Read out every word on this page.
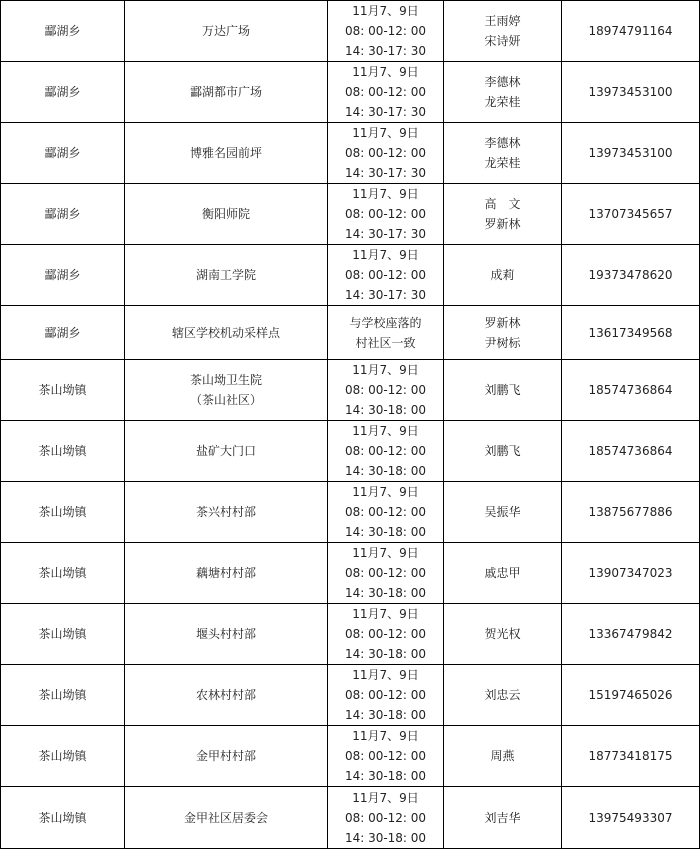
酃湖乡	万达广场	11月7、9日
08: 00-12: 00
14: 30-17: 30	王雨婷
宋诗妍	18974791164
酃湖乡	酃湖都市广场	11月7、9日
08: 00-12: 00
14: 30-17: 30	李德林
龙荣桂	13973453100
酃湖乡	博雅名园前坪	11月7、9日
08: 00-12: 00
14: 30-17: 30	李德林
龙荣桂	13973453100
酃湖乡	衡阳师院	11月7、9日
08: 00-12: 00
14: 30-17: 30	高　文
罗新林	13707345657
酃湖乡	湖南工学院	11月7、9日
08: 00-12: 00
14: 30-17: 30	成莉	19373478620
酃湖乡	辖区学校机动采样点	与学校座落的
村社区一致	罗新林
尹树标	13617349568
茶山坳镇	茶山坳卫生院
（茶山社区）	11月7、9日
08: 00-12: 00
14: 30-18: 00	刘鹏飞	18574736864
茶山坳镇	盐矿大门口	11月7、9日
08: 00-12: 00
14: 30-18: 00	刘鹏飞	18574736864
茶山坳镇	茶兴村村部	11月7、9日
08: 00-12: 00
14: 30-18: 00	吴振华	13875677886
茶山坳镇	藕塘村村部	11月7、9日
08: 00-12: 00
14: 30-18: 00	戚忠甲	13907347023
茶山坳镇	堰头村村部	11月7、9日
08: 00-12: 00
14: 30-18: 00	贺光权	13367479842
茶山坳镇	农林村村部	11月7、9日
08: 00-12: 00
14: 30-18: 00	刘忠云	15197465026
茶山坳镇	金甲村村部	11月7、9日
08: 00-12: 00
14: 30-18: 00	周燕	18773418175
茶山坳镇	金甲社区居委会	11月7、9日
08: 00-12: 00
14: 30-18: 00	刘吉华	13975493307
